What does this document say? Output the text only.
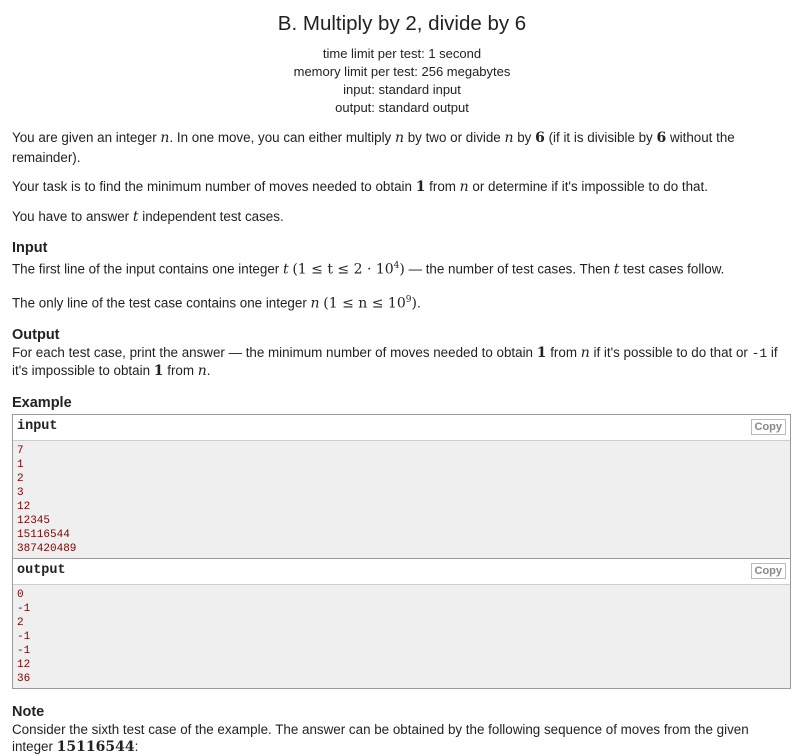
B. Multiply by 2, divide by 6
time limit per test: 1 second
memory limit per test: 256 megabytes
input: standard input
output: standard output

You are given an integer n. In one move, you can either multiply n by two or divide n by 6 (if it is divisible by 6 without the remainder).

Your task is to find the minimum number of moves needed to obtain 1 from n or determine if it's impossible to do that.

You have to answer t independent test cases.

Input

The first line of the input contains one integer t $(1 \le t \le 2 \cdot 10^4)$ — the number of test cases. Then t test cases follow.

The only line of the test case contains one integer n $(1 \le n \le 10^9)$.

Output

For each test case, print the answer — the minimum number of moves needed to obtain 1 from n if it's possible to do that or -1 if it's impossible to obtain 1 from n.

Example
input	Copy
7
1
2
3
12
12345
15116544
387420489
output	Copy
0
-1
2
-1
-1
12
36
Note

Consider the sixth test case of the example. The answer can be obtained by the following sequence of moves from the given integer 15116544:
